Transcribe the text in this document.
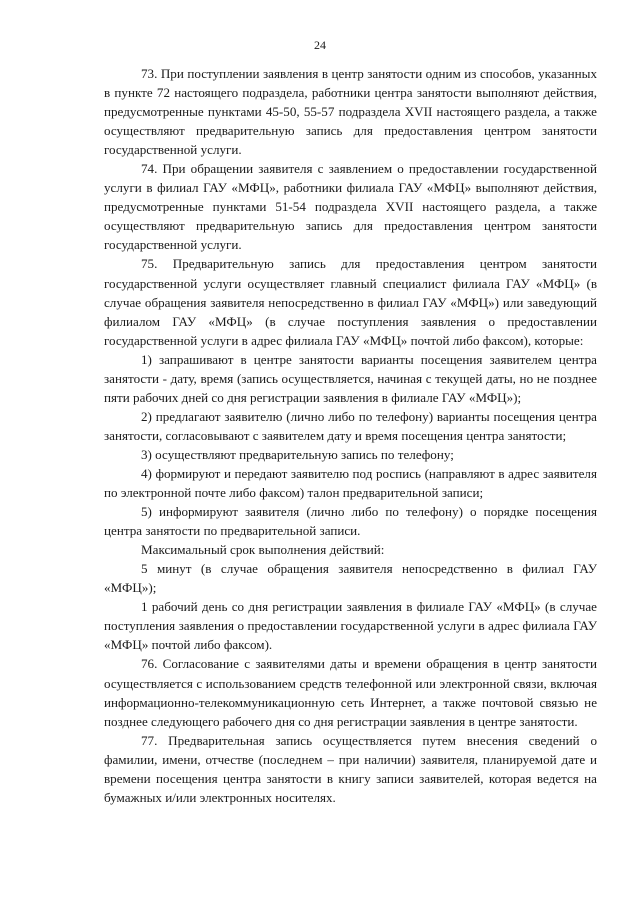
24

73. При поступлении заявления в центр занятости одним из способов, указанных в пункте 72 настоящего подраздела, работники центра занятости выполняют действия, предусмотренные пунктами 45-50, 55-57 подраздела XVII настоящего раздела, а также осуществляют предварительную запись для предоставления центром занятости государственной услуги.

74. При обращении заявителя с заявлением о предоставлении государственной услуги в филиал ГАУ «МФЦ», работники филиала ГАУ «МФЦ» выполняют действия, предусмотренные пунктами 51-54 подраздела XVII настоящего раздела, а также осуществляют предварительную запись для предоставления центром занятости государственной услуги.

75. Предварительную запись для предоставления центром занятости государственной услуги осуществляет главный специалист филиала ГАУ «МФЦ» (в случае обращения заявителя непосредственно в филиал ГАУ «МФЦ») или заведующий филиалом ГАУ «МФЦ» (в случае поступления заявления о предоставлении государственной услуги в адрес филиала ГАУ «МФЦ» почтой либо факсом), которые:

1) запрашивают в центре занятости варианты посещения заявителем центра занятости - дату, время (запись осуществляется, начиная с текущей даты, но не позднее пяти рабочих дней со дня регистрации заявления в филиале ГАУ «МФЦ»);

2) предлагают заявителю (лично либо по телефону) варианты посещения центра занятости, согласовывают с заявителем дату и время посещения центра занятости;

3) осуществляют предварительную запись по телефону;

4) формируют и передают заявителю под роспись (направляют в адрес заявителя по электронной почте либо факсом) талон предварительной записи;

5) информируют заявителя (лично либо по телефону) о порядке посещения центра занятости по предварительной записи.

Максимальный срок выполнения действий:

5 минут (в случае обращения заявителя непосредственно в филиал ГАУ «МФЦ»);

1 рабочий день со дня регистрации заявления в филиале ГАУ «МФЦ» (в случае поступления заявления о предоставлении государственной услуги в адрес филиала ГАУ «МФЦ» почтой либо факсом).

76. Согласование с заявителями даты и времени обращения в центр занятости осуществляется с использованием средств телефонной или электронной связи, включая информационно-телекоммуникационную сеть Интернет, а также почтовой связью не позднее следующего рабочего дня со дня регистрации заявления в центре занятости.

77. Предварительная запись осуществляется путем внесения сведений о фамилии, имени, отчестве (последнем – при наличии) заявителя, планируемой дате и времени посещения центра занятости в книгу записи заявителей, которая ведется на бумажных и/или электронных носителях.
